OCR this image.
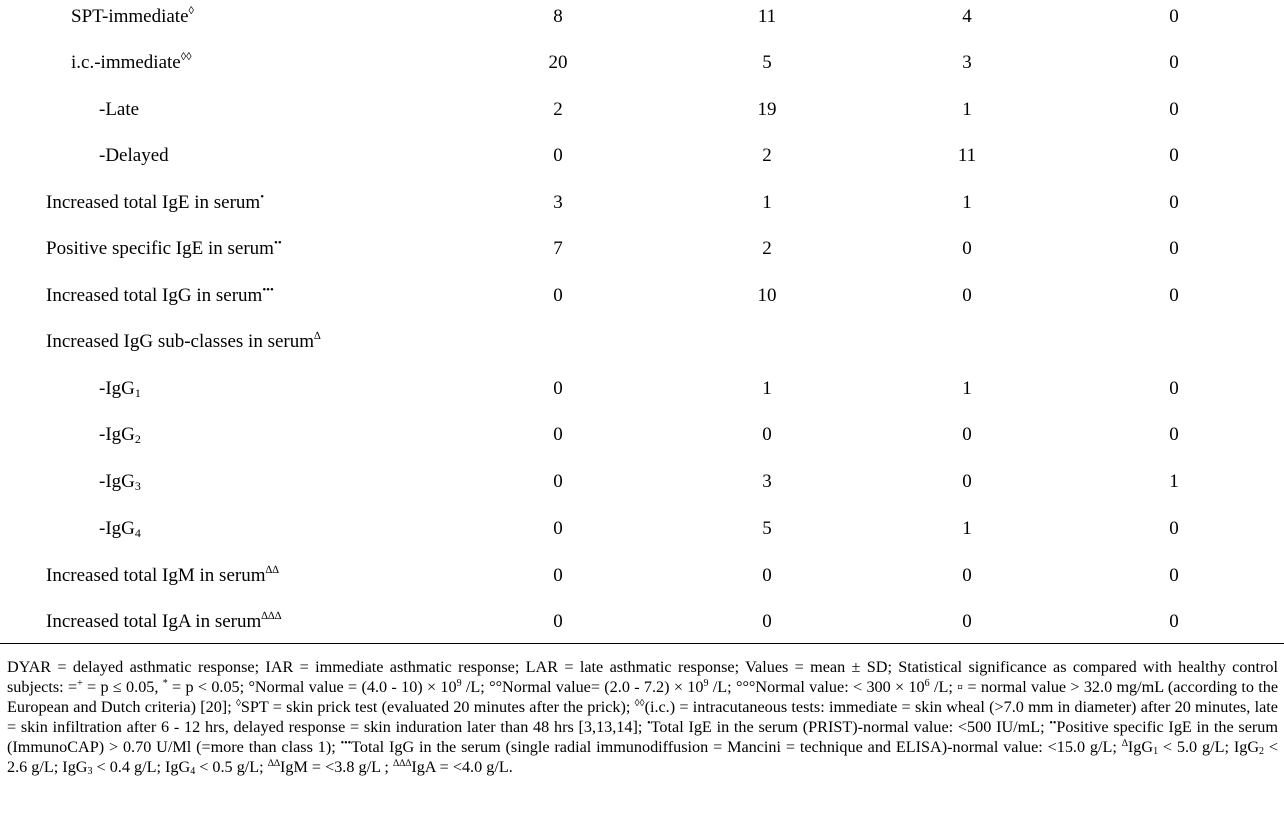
SPT-immediate◊	8	11	4	0
i.c.-immediate◊◊	20	5	3	0
-Late	2	19	1	0
-Delayed	0	2	11	0
Increased total IgE in serum•	3	1	1	0
Positive specific IgE in serum••	7	2	0	0
Increased total IgG in serum•••	0	10	0	0
Increased IgG sub-classes in serum∆
-IgG$_1$	0	1	1	0
-IgG$_2$	0	0	0	0
-IgG$_3$	0	3	0	1
-IgG$_4$	0	5	1	0
Increased total IgM in serum∆∆	0	0	0	0
Increased total IgA in serum∆∆∆	0	0	0	0
DYAR = delayed asthmatic response; IAR = immediate asthmatic response; LAR = late asthmatic response; Values = mean ± SD; Statistical significance as compared with healthy control subjects: =+ = p ≤ 0.05, * = p < 0.05; °Normal value = $(4.0 - 10) \times 10^9$ /L; °°Normal value= $(2.0 - 7.2) \times 10^9$ /L; °°°Normal value: < $300 \times 10^6$ /L; ▫ = normal value > 32.0 mg/mL (according to the European and Dutch criteria) [20]; ◊SPT = skin prick test (evaluated 20 minutes after the prick); ◊◊(i.c.) = intracutaneous tests: immediate = skin wheal (>7.0 mm in diameter) after 20 minutes, late = skin infiltration after 6 - 12 hrs, delayed response = skin induration later than 48 hrs [3,13,14]; •Total IgE in the serum (PRIST)-normal value: <500 IU/mL; ••Positive specific IgE in the serum (ImmunoCAP) > 0.70 U/Ml (=more than class 1); •••Total IgG in the serum (single radial immunodiffusion = Mancini = technique and ELISA)-normal value: <15.0 g/L; ∆IgG$_1$ < 5.0 g/L; IgG$_2$ < 2.6 g/L; IgG$_3$ < 0.4 g/L; IgG$_4$ < 0.5 g/L; ∆∆IgM = <3.8 g/L ; ∆∆∆IgA = <4.0 g/L.
